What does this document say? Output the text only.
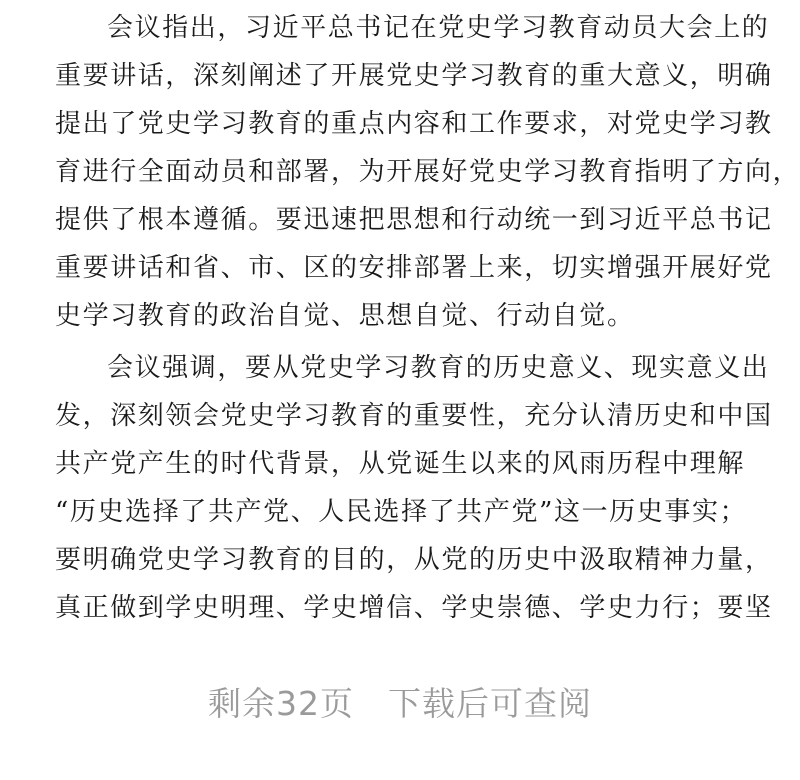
会议指出，习近平总书记在党史学习教育动员大会上的
重要讲话，深刻阐述了开展党史学习教育的重大意义，明确
提出了党史学习教育的重点内容和工作要求，对党史学习教
育进行全面动员和部署，为开展好党史学习教育指明了方向，
提供了根本遵循。要迅速把思想和行动统一到习近平总书记
重要讲话和省、市、区的安排部署上来，切实增强开展好党
史学习教育的政治自觉、思想自觉、行动自觉。
会议强调，要从党史学习教育的历史意义、现实意义出
发，深刻领会党史学习教育的重要性，充分认清历史和中国
共产党产生的时代背景，从党诞生以来的风雨历程中理解
“历史选择了共产党、人民选择了共产党”这一历史事实；
要明确党史学习教育的目的，从党的历史中汲取精神力量，
真正做到学史明理、学史增信、学史崇德、学史力行；要坚
剩余32页 下载后可查阅
